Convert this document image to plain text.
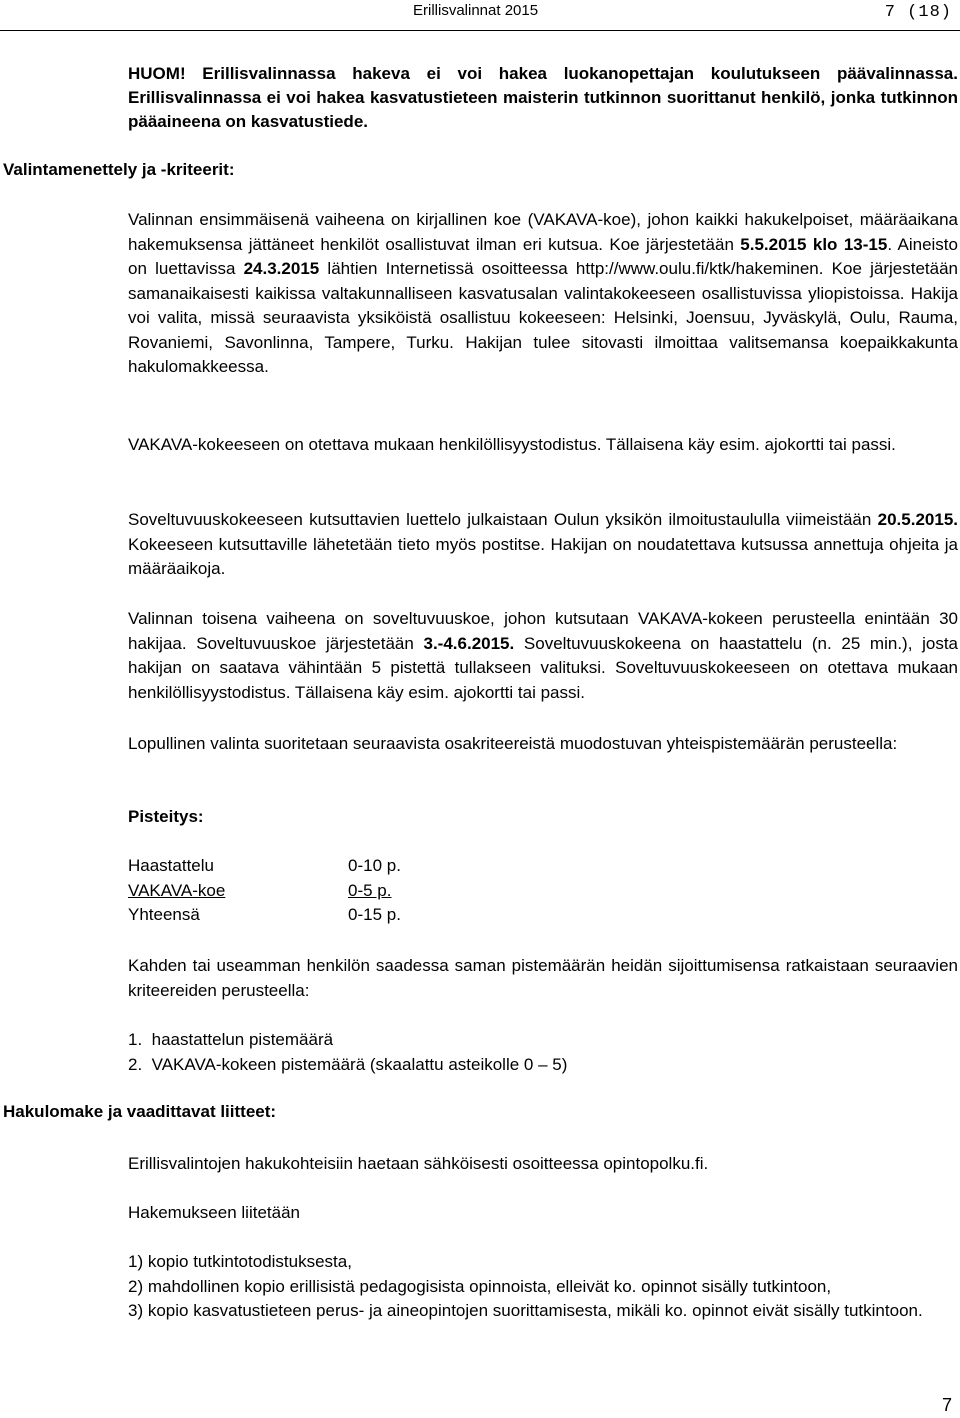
Erillisvalinnat 2015	7 (18)

HUOM! Erillisvalinnassa hakeva ei voi hakea luokanopettajan koulutukseen päävalinnassa. Erillisvalinnassa ei voi hakea kasvatustieteen maisterin tutkinnon suorittanut henkilö, jonka tutkinnon pääaineena on kasvatustiede.

Valintamenettely ja -kriteerit:

Valinnan ensimmäisenä vaiheena on kirjallinen koe (VAKAVA-koe), johon kaikki hakukelpoiset, määräaikana hakemuksensa jättäneet henkilöt osallistuvat ilman eri kutsua. Koe järjestetään 5.5.2015 klo 13-15. Aineisto on luettavissa 24.3.2015 lähtien Internetissä osoitteessa http://www.oulu.fi/ktk/hakeminen. Koe järjestetään samanaikaisesti kaikissa valtakunnalliseen kasvatusalan valintakokeeseen osallistuvissa yliopistoissa. Hakija voi valita, missä seuraavista yksiköistä osallistuu kokeeseen: Helsinki, Joensuu, Jyväskylä, Oulu, Rauma, Rovaniemi, Savonlinna, Tampere, Turku. Hakijan tulee sitovasti ilmoittaa valitsemansa koepaikkakunta hakulomakkeessa.

VAKAVA-kokeeseen on otettava mukaan henkilöllisyystodistus. Tällaisena käy esim. ajokortti tai passi.

Soveltuvuuskokeeseen kutsuttavien luettelo julkaistaan Oulun yksikön ilmoitustaululla viimeistään 20.5.2015. Kokeeseen kutsuttaville lähetetään tieto myös postitse. Hakijan on noudatettava kutsussa annettuja ohjeita ja määräaikoja.

Valinnan toisena vaiheena on soveltuvuuskoe, johon kutsutaan VAKAVA-kokeen perusteella enintään 30 hakijaa. Soveltuvuuskoe järjestetään 3.-4.6.2015. Soveltuvuuskokeena on haastattelu (n. 25 min.), josta hakijan on saatava vähintään 5 pistettä tullakseen valituksi. Soveltuvuuskokeeseen on otettava mukaan henkilöllisyystodistus. Tällaisena käy esim. ajokortti tai passi.

Lopullinen valinta suoritetaan seuraavista osakriteereistä muodostuvan yhteispistemäärän perusteella:

Pisteitys:
Haastattelu	0-10 p.
VAKAVA-koe	0-5 p.
Yhteensä	0-15 p.

Kahden tai useamman henkilön saadessa saman pistemäärän heidän sijoittumisensa ratkaistaan seuraavien kriteereiden perusteella:

1.  haastattelun pistemäärä

2.  VAKAVA-kokeen pistemäärä (skaalattu asteikolle 0 – 5)

Hakulomake ja vaadittavat liitteet:

Erillisvalintojen hakukohteisiin haetaan sähköisesti osoitteessa opintopolku.fi.

Hakemukseen liitetään

1) kopio tutkintotodistuksesta,

2) mahdollinen kopio erillisistä pedagogisista opinnoista, elleivät ko. opinnot sisälly tutkintoon,

3) kopio kasvatustieteen perus- ja aineopintojen suorittamisesta, mikäli ko. opinnot eivät sisälly tutkintoon.

7
